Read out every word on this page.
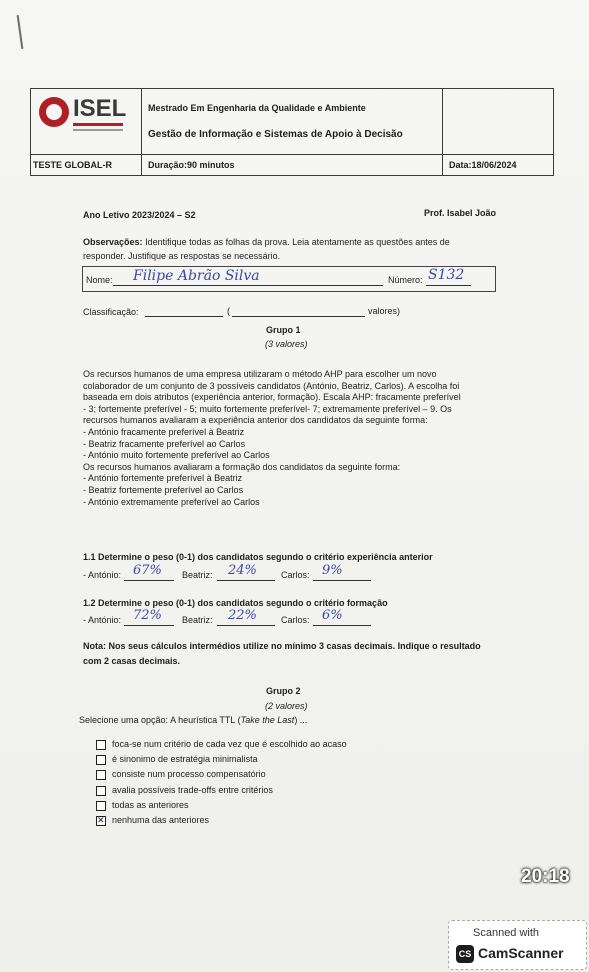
ISEL Mestrado Em Engenharia da Qualidade e Ambiente
Gestão de Informação e Sistemas de Apoio à Decisão
TESTE GLOBAL-R	Duração:90 minutos	Data:18/06/2024
Ano Letivo 2023/2024 – S2	Prof. Isabel João
Observações: Identifique todas as folhas da prova. Leia atentamente as questões antes de
responder. Justifique as respostas se necessário.
Nome: Filipe Abrão Silva	Número: S132
Classificação:	(	valores)
Grupo 1
(3 valores)
Os recursos humanos de uma empresa utilizaram o método AHP para escolher um novo
colaborador de um conjunto de 3 possíveis candidatos (António, Beatriz, Carlos). A escolha foi
baseada em dois atributos (experiência anterior, formação). Escala AHP: fracamente preferível
- 3; fortemente preferível - 5; muito fortemente preferível- 7; extremamente preferível – 9. Os
recursos humanos avaliaram a experiência anterior dos candidatos da seguinte forma:
- António fracamente preferível à Beatriz
- Beatriz fracamente preferível ao Carlos
- António muito fortemente preferível ao Carlos
Os recursos humanos avaliaram a formação dos candidatos da seguinte forma:
- António fortemente preferível à Beatriz
- Beatriz fortemente preferível ao Carlos
- António extremamente preferível ao Carlos
1.1 Determine o peso (0-1) dos candidatos segundo o critério experiência anterior
- António: 67% Beatriz: 24%	Carlos: 9%
1.2 Determine o peso (0-1) dos candidatos segundo o critério formação
- António: 72% Beatriz: 22%	Carlos: 6%
Nota: Nos seus cálculos intermédios utilize no mínimo 3 casas decimais. Indique o resultado
com 2 casas decimais.
Grupo 2
(2 valores)
Selecione uma opção: A heurística TTL (Take the Last) ...
foca-se num critério de cada vez que é escolhido ao acaso
é sinonimo de estratégia minimalista
consiste num processo compensatório
avalia possíveis trade-offs entre critérios
todas as anteriores
✕
nenhuma das anteriores
20:18
Scanned with
CS CamScanner
